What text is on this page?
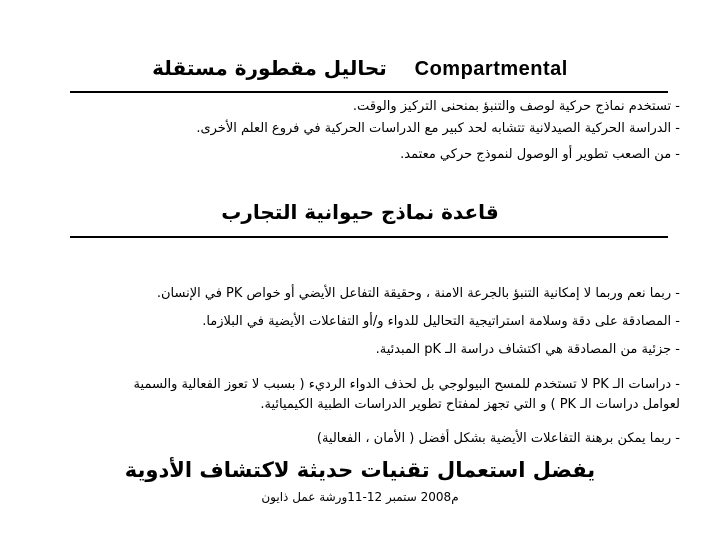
تحاليل مقطورة مستقلة Compartmental
- تستخدم نماذج حركية لوصف والتنبؤ بمنحنى التركيز والوقت.
- الدراسة الحركية الصيدلانية تتشابه لحد كبير مع الدراسات الحركية في فروع العلم الأخرى.
- من الصعب تطوير أو الوصول لنموذج حركي معتمد.
قاعدة نماذج حيوانية التجارب
- ربما نعم وربما لا إمكانية التنبؤ بالجرعة الامنة ، وحقيقة التفاعل الأيضي أو خواص PK في الإنسان.
- المصادقة على دقة وسلامة استراتيجية التحاليل للدواء و/أو التفاعلات الأيضية في البلازما.
- جزئية من المصادقة هي اكتشاف دراسة الـ pK المبدئية.
- دراسات الـ PK لا تستخدم للمسح البيولوجي بل لحذف الدواء الرديء ( بسبب لا تعوز الفعالية والسمية
لعوامل دراسات الـ PK ) و التي تجهز لمفتاح تطوير الدراسات الطبية الكيميائية.
- ربما يمكن برهنة التفاعلات الأيضية بشكل أفضل ( الأمان ، الفعالية)
يفضل استعمال تقنيات حديثة لاكتشاف الأدوية
م2008 ستمبر 12-11ورشة عمل ذايون
